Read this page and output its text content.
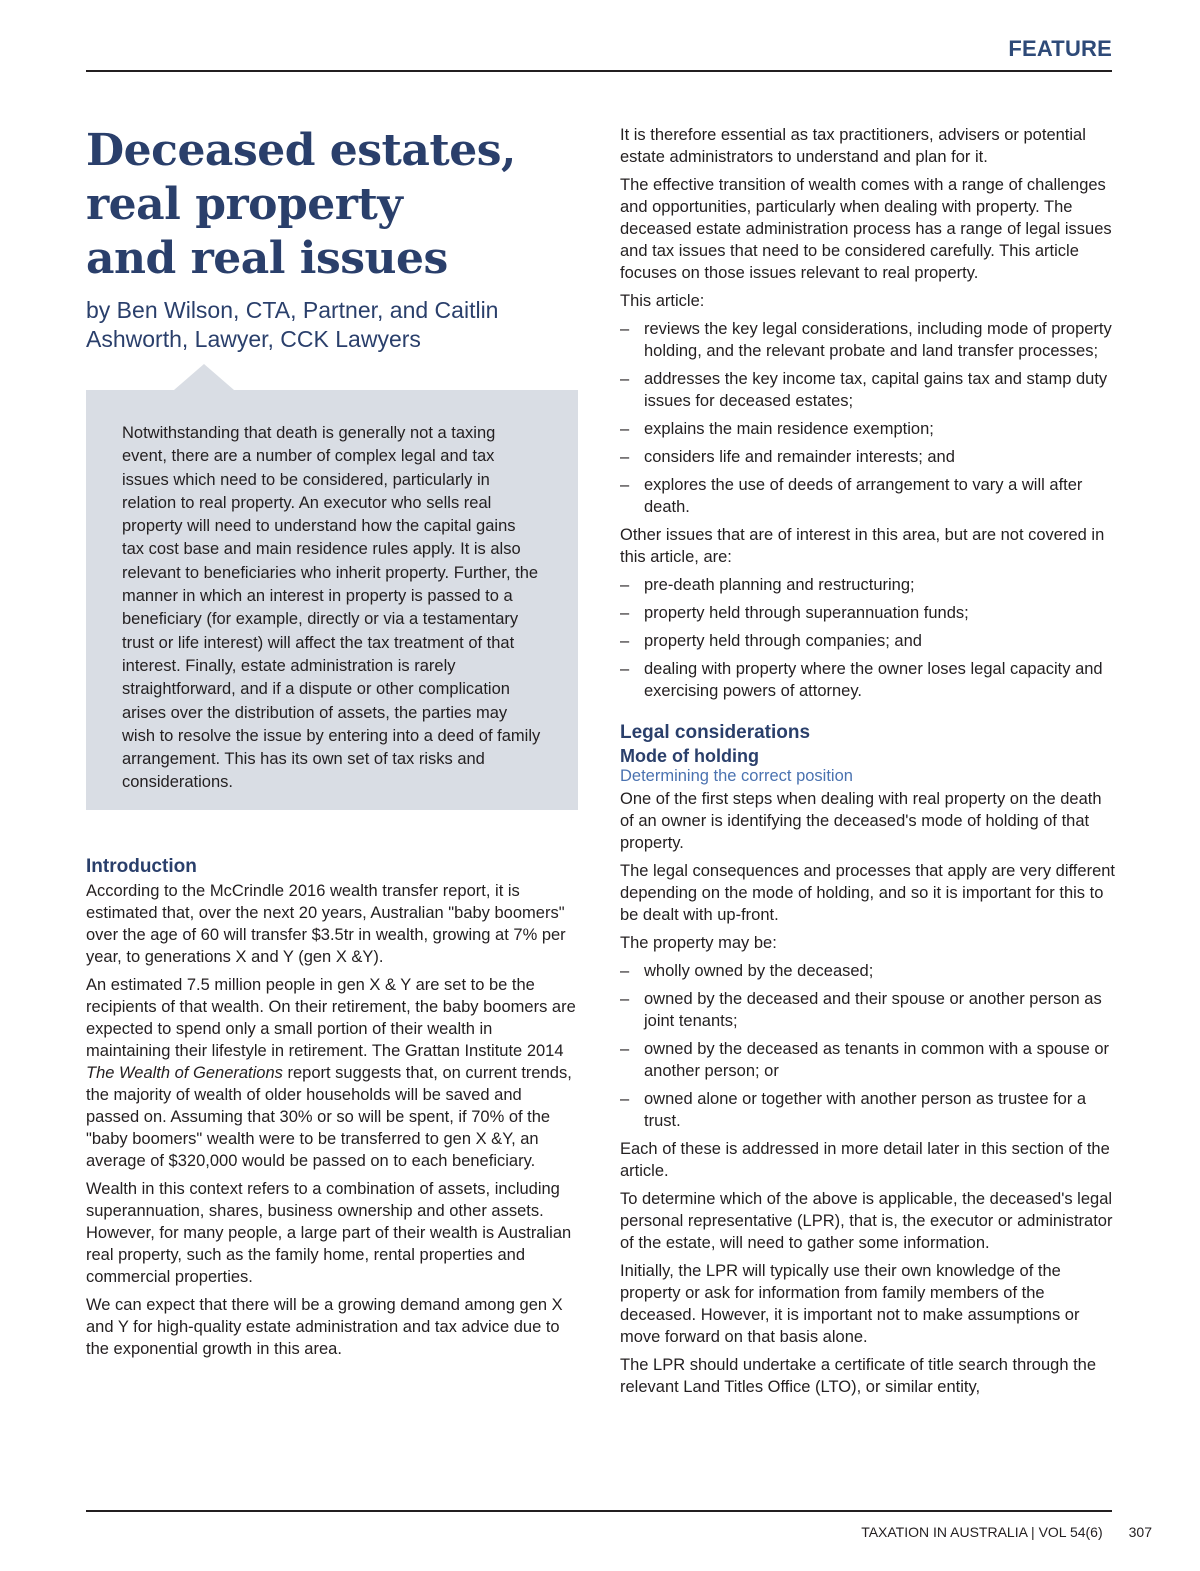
FEATURE
Deceased estates,
real property
and real issues
by Ben Wilson, CTA, Partner, and Caitlin
Ashworth, Lawyer, CCK Lawyers
Notwithstanding that death is generally not a taxing event, there are a number of complex legal and tax issues which need to be considered, particularly in relation to real property. An executor who sells real property will need to understand how the capital gains tax cost base and main residence rules apply. It is also relevant to beneficiaries who inherit property. Further, the manner in which an interest in property is passed to a beneficiary (for example, directly or via a testamentary trust or life interest) will affect the tax treatment of that interest. Finally, estate administration is rarely straightforward, and if a dispute or other complication arises over the distribution of assets, the parties may wish to resolve the issue by entering into a deed of family arrangement. This has its own set of tax risks and considerations.
Introduction

According to the McCrindle 2016 wealth transfer report, it is estimated that, over the next 20 years, Australian "baby boomers" over the age of 60 will transfer $3.5tr in wealth, growing at 7% per year, to generations X and Y (gen X &Y).

An estimated 7.5 million people in gen X & Y are set to be the recipients of that wealth. On their retirement, the baby boomers are expected to spend only a small portion of their wealth in maintaining their lifestyle in retirement. The Grattan Institute 2014 The Wealth of Generations report suggests that, on current trends, the majority of wealth of older households will be saved and passed on. Assuming that 30% or so will be spent, if 70% of the "baby boomers" wealth were to be transferred to gen X &Y, an average of $320,000 would be passed on to each beneficiary.

Wealth in this context refers to a combination of assets, including superannuation, shares, business ownership and other assets. However, for many people, a large part of their wealth is Australian real property, such as the family home, rental properties and commercial properties.

We can expect that there will be a growing demand among gen X and Y for high-quality estate administration and tax advice due to the exponential growth in this area.

It is therefore essential as tax practitioners, advisers or potential estate administrators to understand and plan for it.

The effective transition of wealth comes with a range of challenges and opportunities, particularly when dealing with property. The deceased estate administration process has a range of legal issues and tax issues that need to be considered carefully. This article focuses on those issues relevant to real property.

This article:

– reviews the key legal considerations, including mode of property holding, and the relevant probate and land transfer processes;
– addresses the key income tax, capital gains tax and stamp duty issues for deceased estates;
– explains the main residence exemption;
– considers life and remainder interests; and
– explores the use of deeds of arrangement to vary a will after death.

Other issues that are of interest in this area, but are not covered in this article, are:

– pre-death planning and restructuring;
– property held through superannuation funds;
– property held through companies; and
– dealing with property where the owner loses legal capacity and exercising powers of attorney.
Legal considerations
Mode of holding
Determining the correct position

One of the first steps when dealing with real property on the death of an owner is identifying the deceased's mode of holding of that property.

The legal consequences and processes that apply are very different depending on the mode of holding, and so it is important for this to be dealt with up-front.

The property may be:

– wholly owned by the deceased;
– owned by the deceased and their spouse or another person as joint tenants;
– owned by the deceased as tenants in common with a spouse or another person; or
– owned alone or together with another person as trustee for a trust.

Each of these is addressed in more detail later in this section of the article.

To determine which of the above is applicable, the deceased's legal personal representative (LPR), that is, the executor or administrator of the estate, will need to gather some information.

Initially, the LPR will typically use their own knowledge of the property or ask for information from family members of the deceased. However, it is important not to make assumptions or move forward on that basis alone.

The LPR should undertake a certificate of title search through the relevant Land Titles Office (LTO), or similar entity,

TAXATION IN AUSTRALIA | VOL 54(6) 307
